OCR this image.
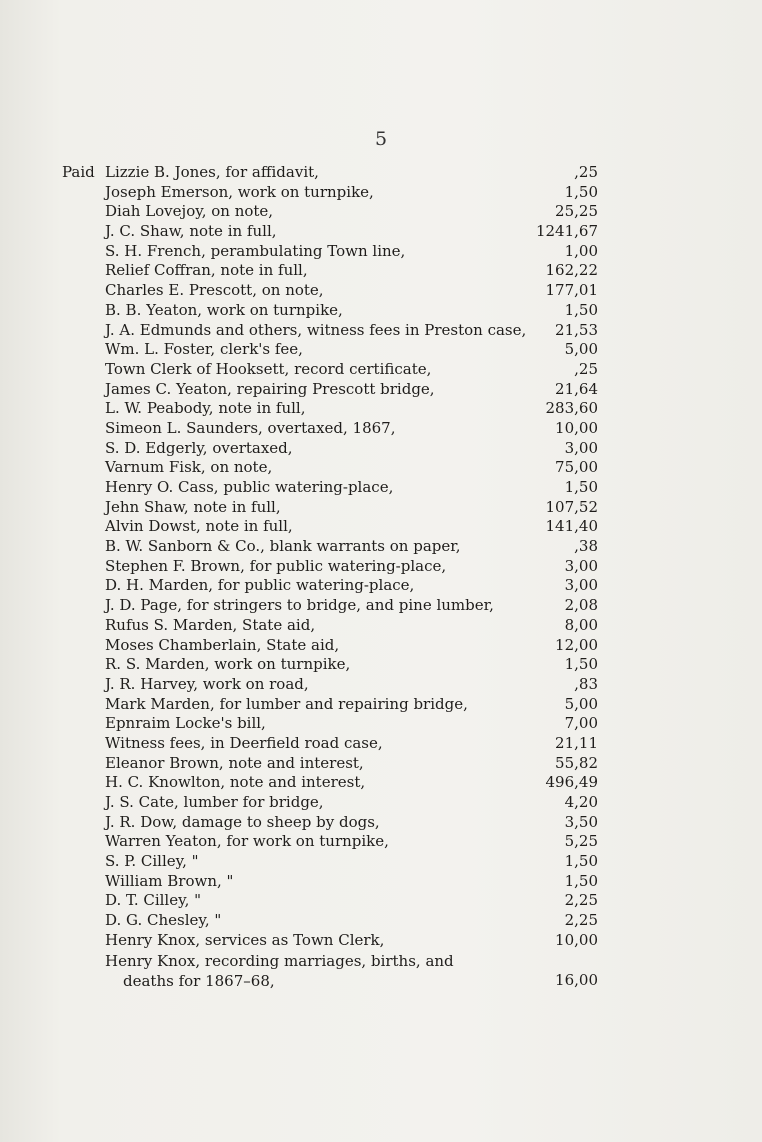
5
Paid Lizzie B. Jones, for affidavit,	,25
Joseph Emerson, work on turnpike,	1,50
Diah Lovejoy, on note,	25,25
J. C. Shaw, note in full,	1241,67
S. H. French, perambulating Town line,	1,00
Relief Coffran, note in full,	162,22
Charles E. Prescott, on note,	177,01
B. B. Yeaton, work on turnpike,	1,50
J. A. Edmunds and others, witness fees in Preston case, 21,53
Wm. L. Foster, clerk's fee,	5,00
Town Clerk of Hooksett, record certificate,	,25
James C. Yeaton, repairing Prescott bridge,	21,64
L. W. Peabody, note in full,	283,60
Simeon L. Saunders, overtaxed, 1867,	10,00
S. D. Edgerly, overtaxed,	3,00
Varnum Fisk, on note,	75,00
Henry O. Cass, public watering-place,	1,50
Jehn Shaw, note in full,	107,52
Alvin Dowst, note in full,	141,40
B. W. Sanborn & Co., blank warrants on paper,	,38
Stephen F. Brown, for public watering-place,	3,00
D. H. Marden, for public watering-place,	3,00
J. D. Page, for stringers to bridge, and pine lumber,	2,08
Rufus S. Marden, State aid,	8,00
Moses Chamberlain, State aid,	12,00
R. S. Marden, work on turnpike,	1,50
J. R. Harvey, work on road,	,83
Mark Marden, for lumber and repairing bridge,	5,00
Epnraim Locke's bill,	7,00
Witness fees, in Deerfield road case,	21,11
Eleanor Brown, note and interest,	55,82
H. C. Knowlton, note and interest,	496,49
J. S. Cate, lumber for bridge,	4,20
J. R. Dow, damage to sheep by dogs,	3,50
Warren Yeaton, for work on turnpike,	5,25
S. P. Cilley, "	1,50
William Brown, "	1,50
D. T. Cilley, "	2,25
D. G. Chesley, "	2,25
Henry Knox, services as Town Clerk,	10,00
Henry Knox, recording marriages, births, and
deaths for 1867–68,	16,00
